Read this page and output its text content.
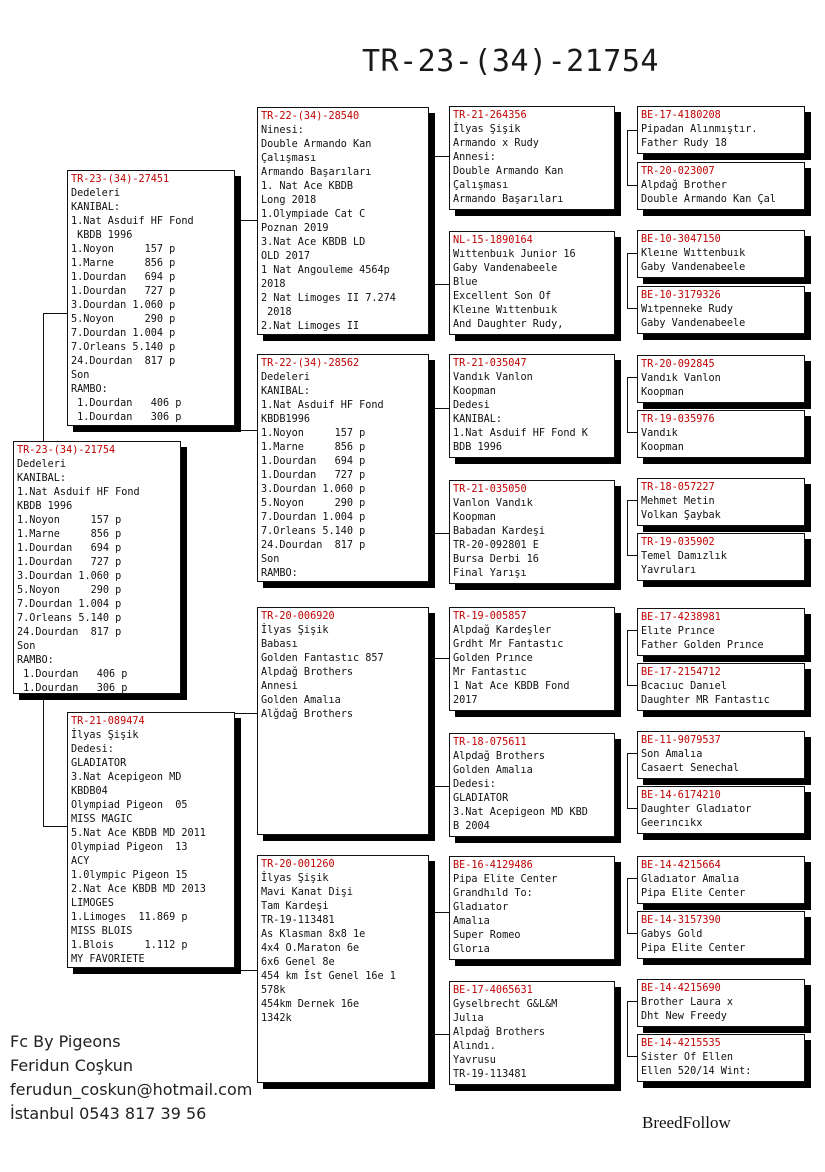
TR-23-(34)-21754
TR-23-(34)-21754
Dedeleri
KANIBAL:
1.Nat Asduif HF Fond
KBDB 1996
1.Noyon     157 p
1.Marne     856 p
1.Dourdan   694 p
1.Dourdan   727 p
3.Dourdan 1.060 p
5.Noyon     290 p
7.Dourdan 1.004 p
7.Orleans 5.140 p
24.Dourdan  817 p
Son
RAMBO:
1.Dourdan   406 p
1.Dourdan   306 p
TR-23-(34)-27451
Dedeleri
KANIBAL:
1.Nat Asduif HF Fond
KBDB 1996
1.Noyon     157 p
1.Marne     856 p
1.Dourdan   694 p
1.Dourdan   727 p
3.Dourdan 1.060 p
5.Noyon     290 p
7.Dourdan 1.004 p
7.Orleans 5.140 p
24.Dourdan  817 p
Son
RAMBO:
1.Dourdan   406 p
1.Dourdan   306 p
TR-21-089474
İlyas Şişik
Dedesi:
GLADIATOR
3.Nat Acepigeon MD
KBDB04
Olympiad Pigeon  05
MISS MAGIC
5.Nat Ace KBDB MD 2011
Olympiad Pigeon  13
ACY
1.0lympic Pigeon 15
2.Nat Ace KBDB MD 2013
LIMOGES
1.Limoges  11.869 p
MISS BLOIS
1.Blois     1.112 p
MY FAVORIETE
TR-22-(34)-28540
Ninesi:
Double Armando Kan
Çalışması
Armando Başarıları
1. Nat Ace KBDB
Long 2018
1.Olympiade Cat C
Poznan 2019
3.Nat Ace KBDB LD
OLD 2017
1 Nat Angouleme 4564p
2018
2 Nat Limoges II 7.274
2018
2.Nat Limoges II
TR-22-(34)-28562
Dedeleri
KANIBAL:
1.Nat Asduif HF Fond
KBDB1996
1.Noyon     157 p
1.Marne     856 p
1.Dourdan   694 p
1.Dourdan   727 p
3.Dourdan 1.060 p
5.Noyon     290 p
7.Dourdan 1.004 p
7.Orleans 5.140 p
24.Dourdan  817 p
Son
RAMBO:
TR-20-006920
İlyas Şişik
Babası
Golden Fantastıc 857
Alpdağ Brothers
Annesi
Golden Amalıa
Alğdağ Brothers
TR-20-001260
İlyas Şişik
Mavi Kanat Dişi
Tam Kardeşi
TR-19-113481
As Klasman 8x8 1e
4x4 O.Maraton 6e
6x6 Genel 8e
454 km İst Genel 16e 1
578k
454km Dernek 16e
1342k
TR-21-264356
İlyas Şişik
Armando x Rudy
Annesi:
Double Armando Kan
Çalışması
Armando Başarıları
NL-15-1890164
Wıttenbuık Junior 16
Gaby Vandenabeele
Blue
Excellent Son Of
Kleıne Wıttenbuık
And Daughter Rudy,
TR-21-035047
Vandık Vanlon
Koopman
Dedesi
KANIBAL:
1.Nat Asduif HF Fond K
BDB 1996
TR-21-035050
Vanlon Vandık
Koopman
Babadan Kardeşi
TR-20-092801 E
Bursa Derbi 16
Final Yarışı
TR-19-005857
Alpdağ Kardeşler
Grdht Mr Fantastıc
Golden Prınce
Mr Fantastıc
1 Nat Ace KBDB Fond
2017
TR-18-075611
Alpdağ Brothers
Golden Amalıa
Dedesi:
GLADIATOR
3.Nat Acepigeon MD KBD
B 2004
BE-16-4129486
Pipa Elite Center
Grandhıld To:
Gladıator
Amalıa
Super Romeo
Glorıa
BE-17-4065631
Gyselbrecht G&L&M
Julıa
Alpdağ Brothers
Alındı.
Yavrusu
TR-19-113481
BE-17-4180208
Pipadan Alınmıştır.
Father Rudy 18
TR-20-023007
Alpdağ Brother
Double Armando Kan Çal
BE-10-3047150
Kleıne Wıttenbuık
Gaby Vandenabeele
BE-10-3179326
Wıtpenneke Rudy
Gaby Vandenabeele
TR-20-092845
Vandık Vanlon
Koopman
TR-19-035976
Vandık
Koopman
TR-18-057227
Mehmet Metin
Volkan Şaybak
TR-19-035902
Temel Damızlık
Yavruları
BE-17-4238981
Elıte Prınce
Father Golden Prınce
BE-17-2154712
Bcacıuc Danıel
Daughter MR Fantastıc
BE-11-9079537
Son Amalıa
Casaert Senechal
BE-14-6174210
Daughter Gladıator
Geerıncıkx
BE-14-4215664
Gladıator Amalıa
Pipa Elite Center
BE-14-3157390
Gabys Gold
Pipa Elite Center
BE-14-4215690
Brother Laura x
Dht New Freedy
BE-14-4215535
Sister Of Ellen
Ellen 520/14 Wint:
Fc By Pigeons
Feridun Coşkun
ferudun_coskun@hotmail.com
İstanbul 0543 817 39 56	BreedFollow
